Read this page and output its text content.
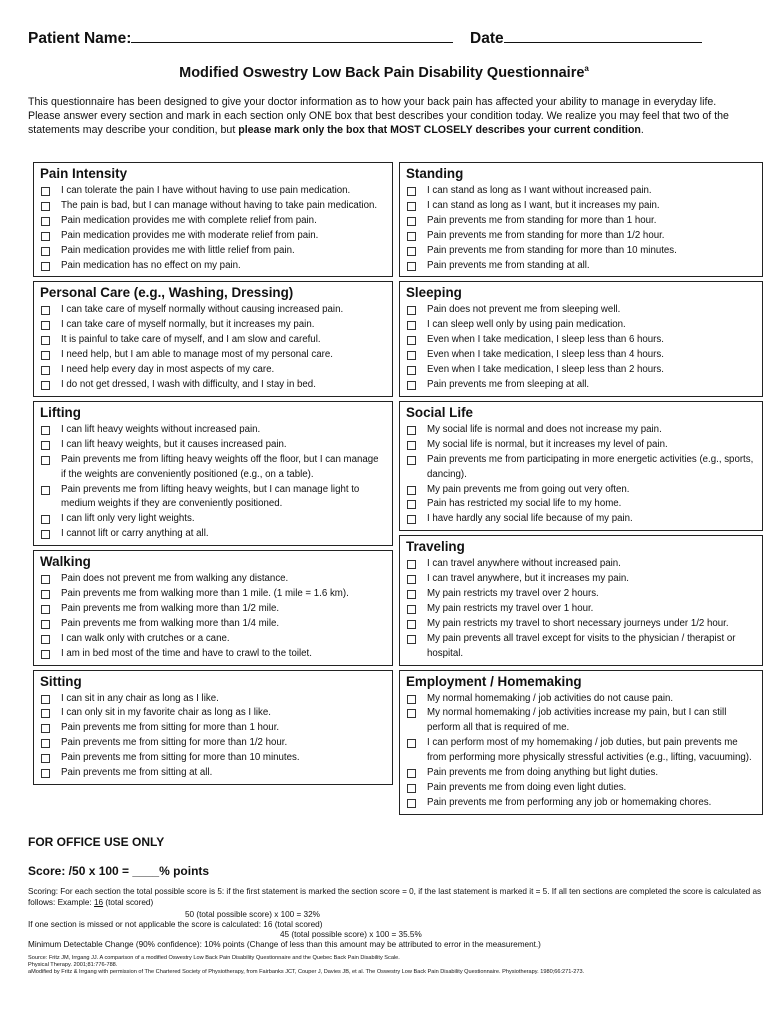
Patient Name:	Date
Modified Oswestry Low Back Pain Disability Questionnaire$^a$
This questionnaire has been designed to give your doctor information as to how your back pain has affected your ability to manage in everyday life. Please answer every section and mark in each section only ONE box that best describes your condition today. We realize you may feel that two of the statements may describe your condition, but please mark only the box that MOST CLOSELY describes your current condition.
Pain Intensity
I can tolerate the pain I have without having to use pain medication.
The pain is bad, but I can manage without having to take pain medication.
Pain medication provides me with complete relief from pain.
Pain medication provides me with moderate relief from pain.
Pain medication provides me with little relief from pain.
Pain medication has no effect on my pain.
Personal Care (e.g., Washing, Dressing)
I can take care of myself normally without causing increased pain.
I can take care of myself normally, but it increases my pain.
It is painful to take care of myself, and I am slow and careful.
I need help, but I am able to manage most of my personal care.
I need help every day in most aspects of my care.
I do not get dressed, I wash with difficulty, and I stay in bed.
Lifting
I can lift heavy weights without increased pain.
I can lift heavy weights, but it causes increased pain.
Pain prevents me from lifting heavy weights off the floor, but I can manage if the weights are conveniently positioned (e.g., on a table).
Pain prevents me from lifting heavy weights, but I can manage light to medium weights if they are conveniently positioned.
I can lift only very light weights.
I cannot lift or carry anything at all.
Walking
Pain does not prevent me from walking any distance.
Pain prevents me from walking more than 1 mile. (1 mile = 1.6 km).
Pain prevents me from walking more than 1/2 mile.
Pain prevents me from walking more than 1/4 mile.
I can walk only with crutches or a cane.
I am in bed most of the time and have to crawl to the toilet.
Sitting
I can sit in any chair as long as I like.
I can only sit in my favorite chair as long as I like.
Pain prevents me from sitting for more than 1 hour.
Pain prevents me from sitting for more than 1/2 hour.
Pain prevents me from sitting for more than 10 minutes.
Pain prevents me from sitting at all.
Standing
I can stand as long as I want without increased pain.
I can stand as long as I want, but it increases my pain.
Pain prevents me from standing for more than 1 hour.
Pain prevents me from standing for more than 1/2 hour.
Pain prevents me from standing for more than 10 minutes.
Pain prevents me from standing at all.
Sleeping
Pain does not prevent me from sleeping well.
I can sleep well only by using pain medication.
Even when I take medication, I sleep less than 6 hours.
Even when I take medication, I sleep less than 4 hours.
Even when I take medication, I sleep less than 2 hours.
Pain prevents me from sleeping at all.
Social Life
My social life is normal and does not increase my pain.
My social life is normal, but it increases my level of pain.
Pain prevents me from participating in more energetic activities (e.g., sports, dancing).
My pain prevents me from going out very often.
Pain has restricted my social life to my home.
I have hardly any social life because of my pain.
Traveling
I can travel anywhere without increased pain.
I can travel anywhere, but it increases my pain.
My pain restricts my travel over 2 hours.
My pain restricts my travel over 1 hour.
My pain restricts my travel to short necessary journeys under 1/2 hour.
My pain prevents all travel except for visits to the physician / therapist or hospital.
Employment / Homemaking
My normal homemaking / job activities do not cause pain.
My normal homemaking / job activities increase my pain, but I can still perform all that is required of me.
I can perform most of my homemaking / job duties, but pain prevents me from performing more physically stressful activities (e.g., lifting, vacuuming).
Pain prevents me from doing anything but light duties.
Pain prevents me from doing even light duties.
Pain prevents me from performing any job or homemaking chores.
FOR OFFICE USE ONLY
Score: /50 x 100 = ____% points
Scoring: For each section the total possible score is 5: if the first statement is marked the section score = 0, if the last statement is marked it = 5. If all ten sections are completed the score is calculated as follows: Example: 16 (total scored)
50 (total possible score) x 100 = 32%
If one section is missed or not applicable the score is calculated: 16 (total scored)
45 (total possible score) x 100 = 35.5%
Minimum Detectable Change (90% confidence): 10% points (Change of less than this amount may be attributed to error in the measurement.)
Source: Fritz JM, Irrgang JJ. A comparison of a modified Oswestry Low Back Pain Disability Questionnaire and the Quebec Back Pain Disability Scale.
Physical Therapy. 2001;81:776-788.
aModified by Fritz & Irrgang with permission of The Chartered Society of Physiotherapy, from Fairbanks JCT, Couper J, Davies JB, et al. The Oswestry Low Back Pain Disability Questionnaire. Physiotherapy. 1980;66:271-273.
